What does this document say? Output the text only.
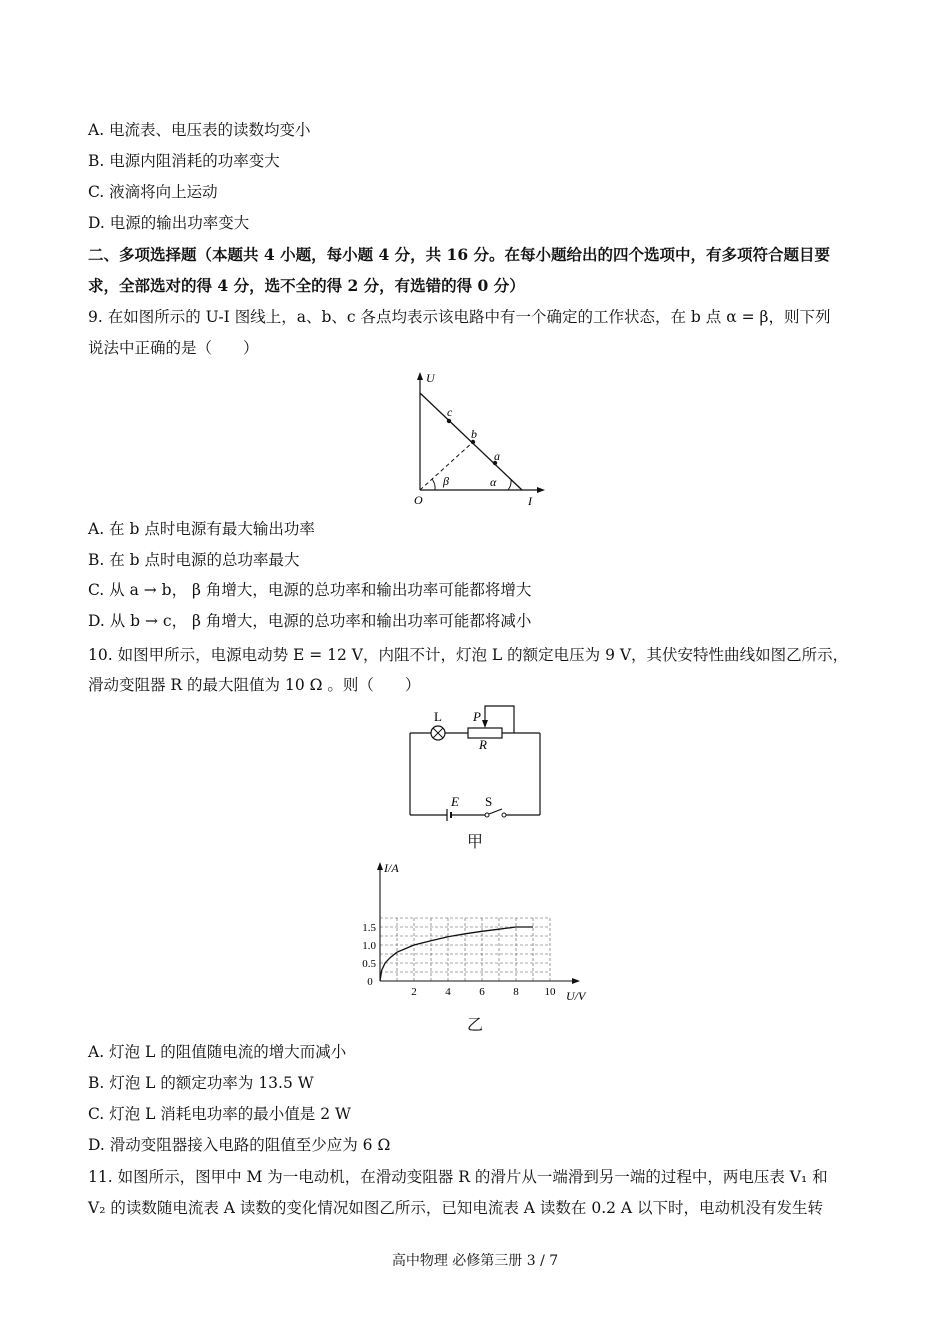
A. 电流表、电压表的读数均变小
B. 电源内阻消耗的功率变大
C. 液滴将向上运动
D. 电源的输出功率变大
二、多项选择题（本题共 4 小题，每小题 4 分，共 16 分。在每小题给出的四个选项中，有多项符合题目要
求，全部选对的得 4 分，选不全的得 2 分，有选错的得 0 分）
9. 在如图所示的 U-I 图线上，a、b、c 各点均表示该电路中有一个确定的工作状态，在 b 点 α = β，则下列
说法中正确的是（　　）
U
I
O
c
b
a
β	α
A. 在 b 点时电源有最大输出功率
B. 在 b 点时电源的总功率最大
C. 从 a → b， β 角增大，电源的总功率和输出功率可能都将增大
D. 从 b → c， β 角增大，电源的总功率和输出功率可能都将减小
10. 如图甲所示，电源电动势 E = 12 V，内阻不计，灯泡 L 的额定电压为 9 V，其伏安特性曲线如图乙所示，
滑动变阻器 R 的最大阻值为 10 Ω 。则（　　）
L P
R
E S
甲
0
2	4	6	8 10
0.5
1.0
1.5
I/A
U/V
乙
A. 灯泡 L 的阻值随电流的增大而减小
B. 灯泡 L 的额定功率为 13.5 W
C. 灯泡 L 消耗电功率的最小值是 2 W
D. 滑动变阻器接入电路的阻值至少应为 6 Ω
11. 如图所示，图甲中 M 为一电动机，在滑动变阻器 R 的滑片从一端滑到另一端的过程中，两电压表 V₁ 和
V₂ 的读数随电流表 A 读数的变化情况如图乙所示，已知电流表 A 读数在 0.2 A 以下时，电动机没有发生转
高中物理 必修第三册 3 / 7
